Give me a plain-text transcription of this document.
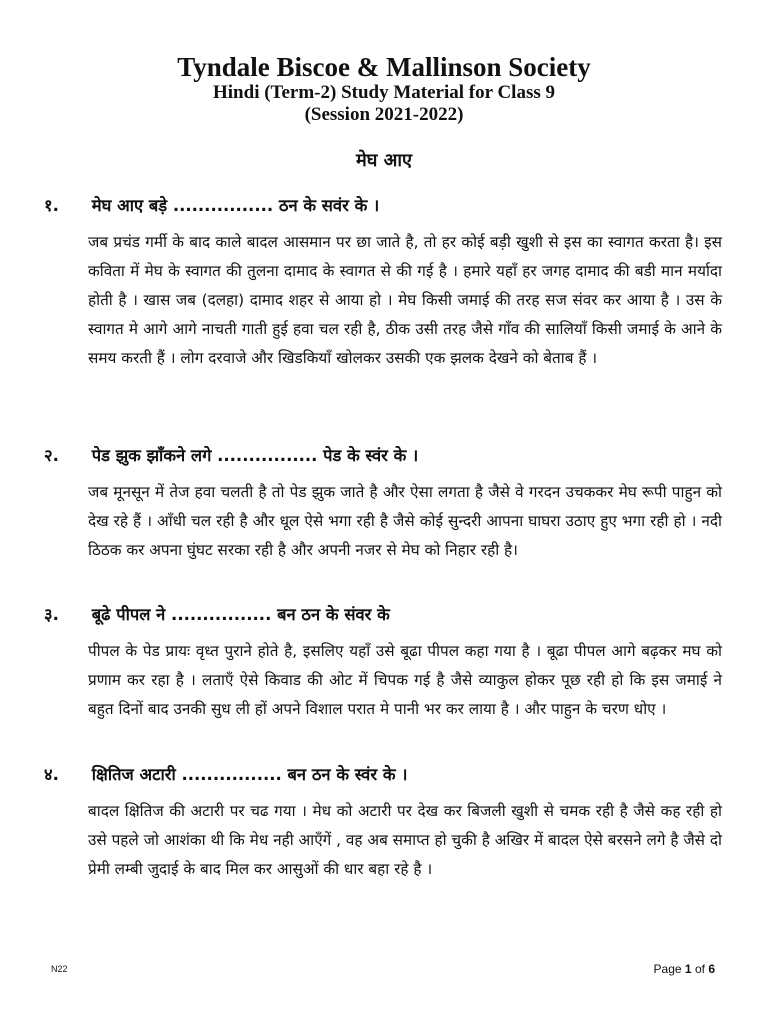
Tyndale Biscoe & Mallinson Society

Hindi (Term-2) Study Material for Class 9

(Session 2021-2022)

मेघ आए
१. मेघ आए बड़े ................ ठन के सवंर के ।

जब प्रचंड गर्मी के बाद काले बादल आसमान पर छा जाते है, तो हर कोई बड़ी खुशी से इस का स्वागत करता है। इस कविता में मेघ के स्वागत की तुलना दामाद के स्वागत से की गई है । हमारे यहाँ हर जगह दामाद की बडी मान मर्यादा होती है । खास जब (दलहा) दामाद शहर से आया हो । मेघ किसी जमाई की तरह सज संवर कर आया है । उस के स्वागत मे आगे आगे नाचती गाती हुई हवा चल रही है, ठीक उसी तरह जैसे गाँव की सालियाँ किसी जमाई के आने के समय करती हैं । लोग दरवाजे और खिडकियाँ खोलकर उसकी एक झलक देखने को बेताब हैं ।

२. पेड झुक झाँकने लगे ................ पेड के स्वंर के ।

जब मूनसून में तेज हवा चलती है तो पेड झुक जाते है और ऐसा लगता है जैसे वे गरदन उचककर मेघ रूपी पाहुन को देख रहे हैं । आँधी चल रही है और धूल ऐसे भगा रही है जैसे कोई सुन्दरी आपना घाघरा उठाए हुए भगा रही हो । नदी ठिठक कर अपना घुंघट सरका रही है और अपनी नजर से मेघ को निहार रही है।

३. बूढे पीपल ने ................ बन ठन के संवर के

पीपल के पेड प्रायः वृध्त पुराने होते है, इसलिए यहाँ उसे बूढा पीपल कहा गया है । बूढा पीपल आगे बढ़कर मघ को प्रणाम कर रहा है । लताएँ ऐसे किवाड की ओट में चिपक गई है जैसे व्याकुल होकर पूछ रही हो कि इस जमाई ने बहुत दिनों बाद उनकी सुध ली हों अपने विशाल परात मे पानी भर कर लाया है । और पाहुन के चरण धोए ।

४. क्षितिज अटारी ................ बन ठन के स्वंर के ।

बादल क्षितिज की अटारी पर चढ गया । मेध को अटारी पर देख कर बिजली खुशी से चमक रही है जैसे कह रही हो उसे पहले जो आशंका थी कि मेध नही आएँगें , वह अब समाप्त हो चुकी है अखिर में बादल ऐसे बरसने लगे है जैसे दो प्रेमी लम्बी जुदाई के बाद मिल कर आसुओं की धार बहा रहे है ।

N22	Page 1 of 6
